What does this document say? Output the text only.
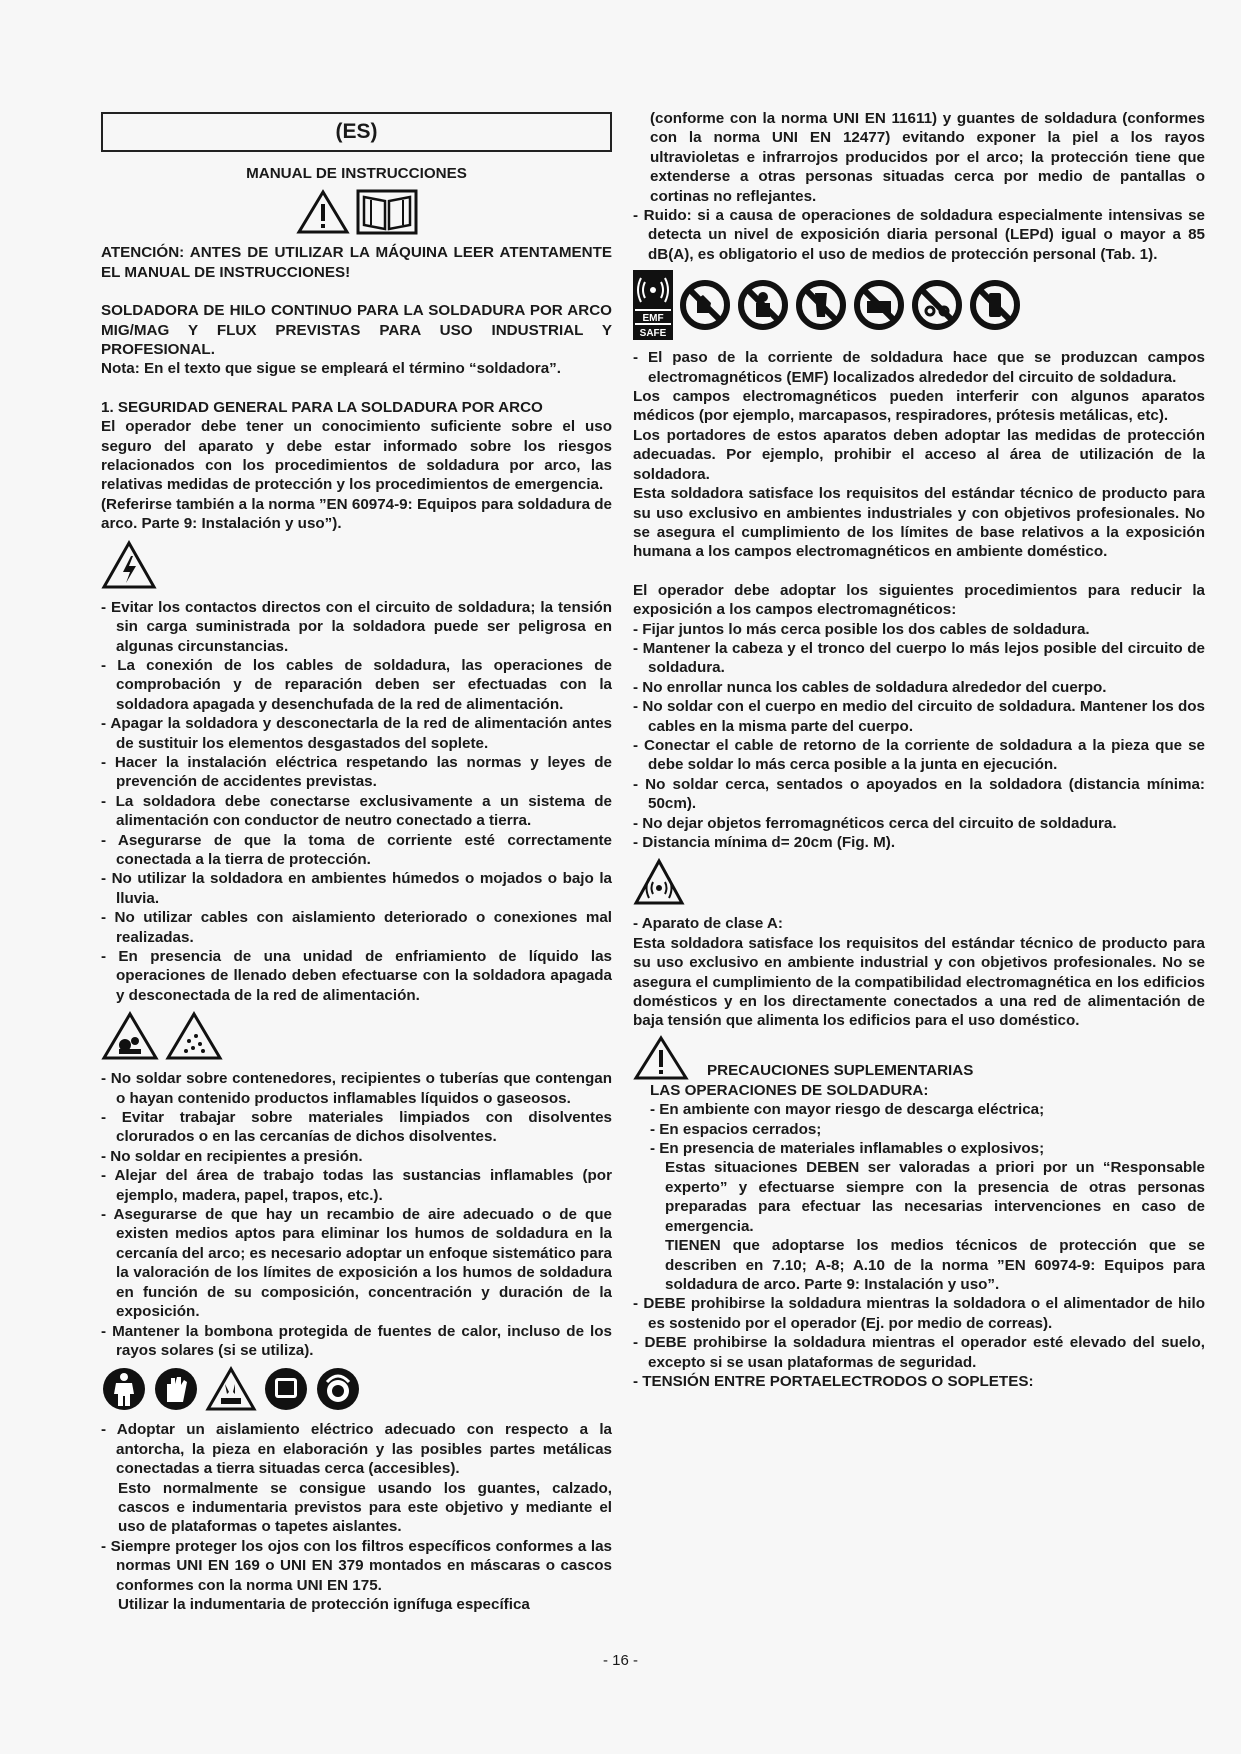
(ES)
MANUAL DE INSTRUCCIONES

ATENCIÓN: ANTES DE UTILIZAR LA MÁQUINA LEER ATENTAMENTE EL MANUAL DE INSTRUCCIONES!

SOLDADORA DE HILO CONTINUO PARA LA SOLDADURA POR ARCO MIG/MAG Y FLUX PREVISTAS PARA USO INDUSTRIAL Y PROFESIONAL.

Nota: En el texto que sigue se empleará el término “soldadora”.

1. SEGURIDAD GENERAL PARA LA SOLDADURA POR ARCO

El operador debe tener un conocimiento suficiente sobre el uso seguro del aparato y debe estar informado sobre los riesgos relacionados con los procedimientos de soldadura por arco, las relativas medidas de protección y los procedimientos de emergencia.

(Referirse también a la norma ”EN 60974-9: Equipos para soldadura de arco. Parte 9: Instalación y uso”).

- Evitar los contactos directos con el circuito de soldadura; la tensión sin carga suministrada por la soldadora puede ser peligrosa en algunas circunstancias.

- La conexión de los cables de soldadura, las operaciones de comprobación y de reparación deben ser efectuadas con la soldadora apagada y desenchufada de la red de alimentación.

- Apagar la soldadora y desconectarla de la red de alimentación antes de sustituir los elementos desgastados del soplete.

- Hacer la instalación eléctrica respetando las normas y leyes de prevención de accidentes previstas.

- La soldadora debe conectarse exclusivamente a un sistema de alimentación con conductor de neutro conectado a tierra.

- Asegurarse de que la toma de corriente esté correctamente conectada a la tierra de protección.

- No utilizar la soldadora en ambientes húmedos o mojados o bajo la lluvia.

- No utilizar cables con aislamiento deteriorado o conexiones mal realizadas.

- En presencia de una unidad de enfriamiento de líquido las operaciones de llenado deben efectuarse con la soldadora apagada y desconectada de la red de alimentación.

- No soldar sobre contenedores, recipientes o tuberías que contengan o hayan contenido productos inflamables líquidos o gaseosos.

- Evitar trabajar sobre materiales limpiados con disolventes clorurados o en las cercanías de dichos disolventes.

- No soldar en recipientes a presión.

- Alejar del área de trabajo todas las sustancias inflamables (por ejemplo, madera, papel, trapos, etc.).

- Asegurarse de que hay un recambio de aire adecuado o de que existen medios aptos para eliminar los humos de soldadura en la cercanía del arco; es necesario adoptar un enfoque sistemático para la valoración de los límites de exposición a los humos de soldadura en función de su composición, concentración y duración de la exposición.

- Mantener la bombona protegida de fuentes de calor, incluso de los rayos solares (si se utiliza).

- Adoptar un aislamiento eléctrico adecuado con respecto a la antorcha, la pieza en elaboración y las posibles partes metálicas conectadas a tierra situadas cerca (accesibles).

Esto normalmente se consigue usando los guantes, calzado, cascos e indumentaria previstos para este objetivo y mediante el uso de plataformas o tapetes aislantes.

- Siempre proteger los ojos con los filtros específicos conformes a las normas UNI EN 169 o UNI EN 379 montados en máscaras o cascos conformes con la norma UNI EN 175.

Utilizar la indumentaria de protección ignífuga específica

(conforme con la norma UNI EN 11611) y guantes de soldadura (conformes con la norma UNI EN 12477) evitando exponer la piel a los rayos ultravioletas e infrarrojos producidos por el arco; la protección tiene que extenderse a otras personas situadas cerca por medio de pantallas o cortinas no reflejantes.

- Ruido: si a causa de operaciones de soldadura especialmente intensivas se detecta un nivel de exposición diaria personal (LEPd) igual o mayor a 85 dB(A), es obligatorio el uso de medios de protección personal (Tab. 1).

EMF
SAFE

- El paso de la corriente de soldadura hace que se produzcan campos electromagnéticos (EMF) localizados alrededor del circuito de soldadura.

Los campos electromagnéticos pueden interferir con algunos aparatos médicos (por ejemplo, marcapasos, respiradores, prótesis metálicas, etc).

Los portadores de estos aparatos deben adoptar las medidas de protección adecuadas. Por ejemplo, prohibir el acceso al área de utilización de la soldadora.

Esta soldadora satisface los requisitos del estándar técnico de producto para su uso exclusivo en ambientes industriales y con objetivos profesionales. No se asegura el cumplimiento de los límites de base relativos a la exposición humana a los campos electromagnéticos en ambiente doméstico.

El operador debe adoptar los siguientes procedimientos para reducir la exposición a los campos electromagnéticos:

- Fijar juntos lo más cerca posible los dos cables de soldadura.

- Mantener la cabeza y el tronco del cuerpo lo más lejos posible del circuito de soldadura.

- No enrollar nunca los cables de soldadura alrededor del cuerpo.

- No soldar con el cuerpo en medio del circuito de soldadura. Mantener los dos cables en la misma parte del cuerpo.

- Conectar el cable de retorno de la corriente de soldadura a la pieza que se debe soldar lo más cerca posible a la junta en ejecución.

- No soldar cerca, sentados o apoyados en la soldadora (distancia mínima: 50cm).

- No dejar objetos ferromagnéticos cerca del circuito de soldadura.

- Distancia mínima d= 20cm (Fig. M).

- Aparato de clase A:

Esta soldadora satisface los requisitos del estándar técnico de producto para su uso exclusivo en ambiente industrial y con objetivos profesionales. No se asegura el cumplimiento de la compatibilidad electromagnética en los edificios domésticos y en los directamente conectados a una red de alimentación de baja tensión que alimenta los edificios para el uso doméstico.

PRECAUCIONES SUPLEMENTARIAS

LAS OPERACIONES DE SOLDADURA:

- En ambiente con mayor riesgo de descarga eléctrica;

- En espacios cerrados;

- En presencia de materiales inflamables o explosivos;

Estas situaciones DEBEN ser valoradas a priori por un “Responsable experto” y efectuarse siempre con la presencia de otras personas preparadas para efectuar las necesarias intervenciones en caso de emergencia.

TIENEN que adoptarse los medios técnicos de protección que se describen en 7.10; A-8; A.10 de la norma ”EN 60974-9: Equipos para soldadura de arco. Parte 9: Instalación y uso”.

- DEBE prohibirse la soldadura mientras la soldadora o el alimentador de hilo es sostenido por el operador (Ej. por medio de correas).

- DEBE prohibirse la soldadura mientras el operador esté elevado del suelo, excepto si se usan plataformas de seguridad.

- TENSIÓN ENTRE PORTAELECTRODOS O SOPLETES:

- 16 -
